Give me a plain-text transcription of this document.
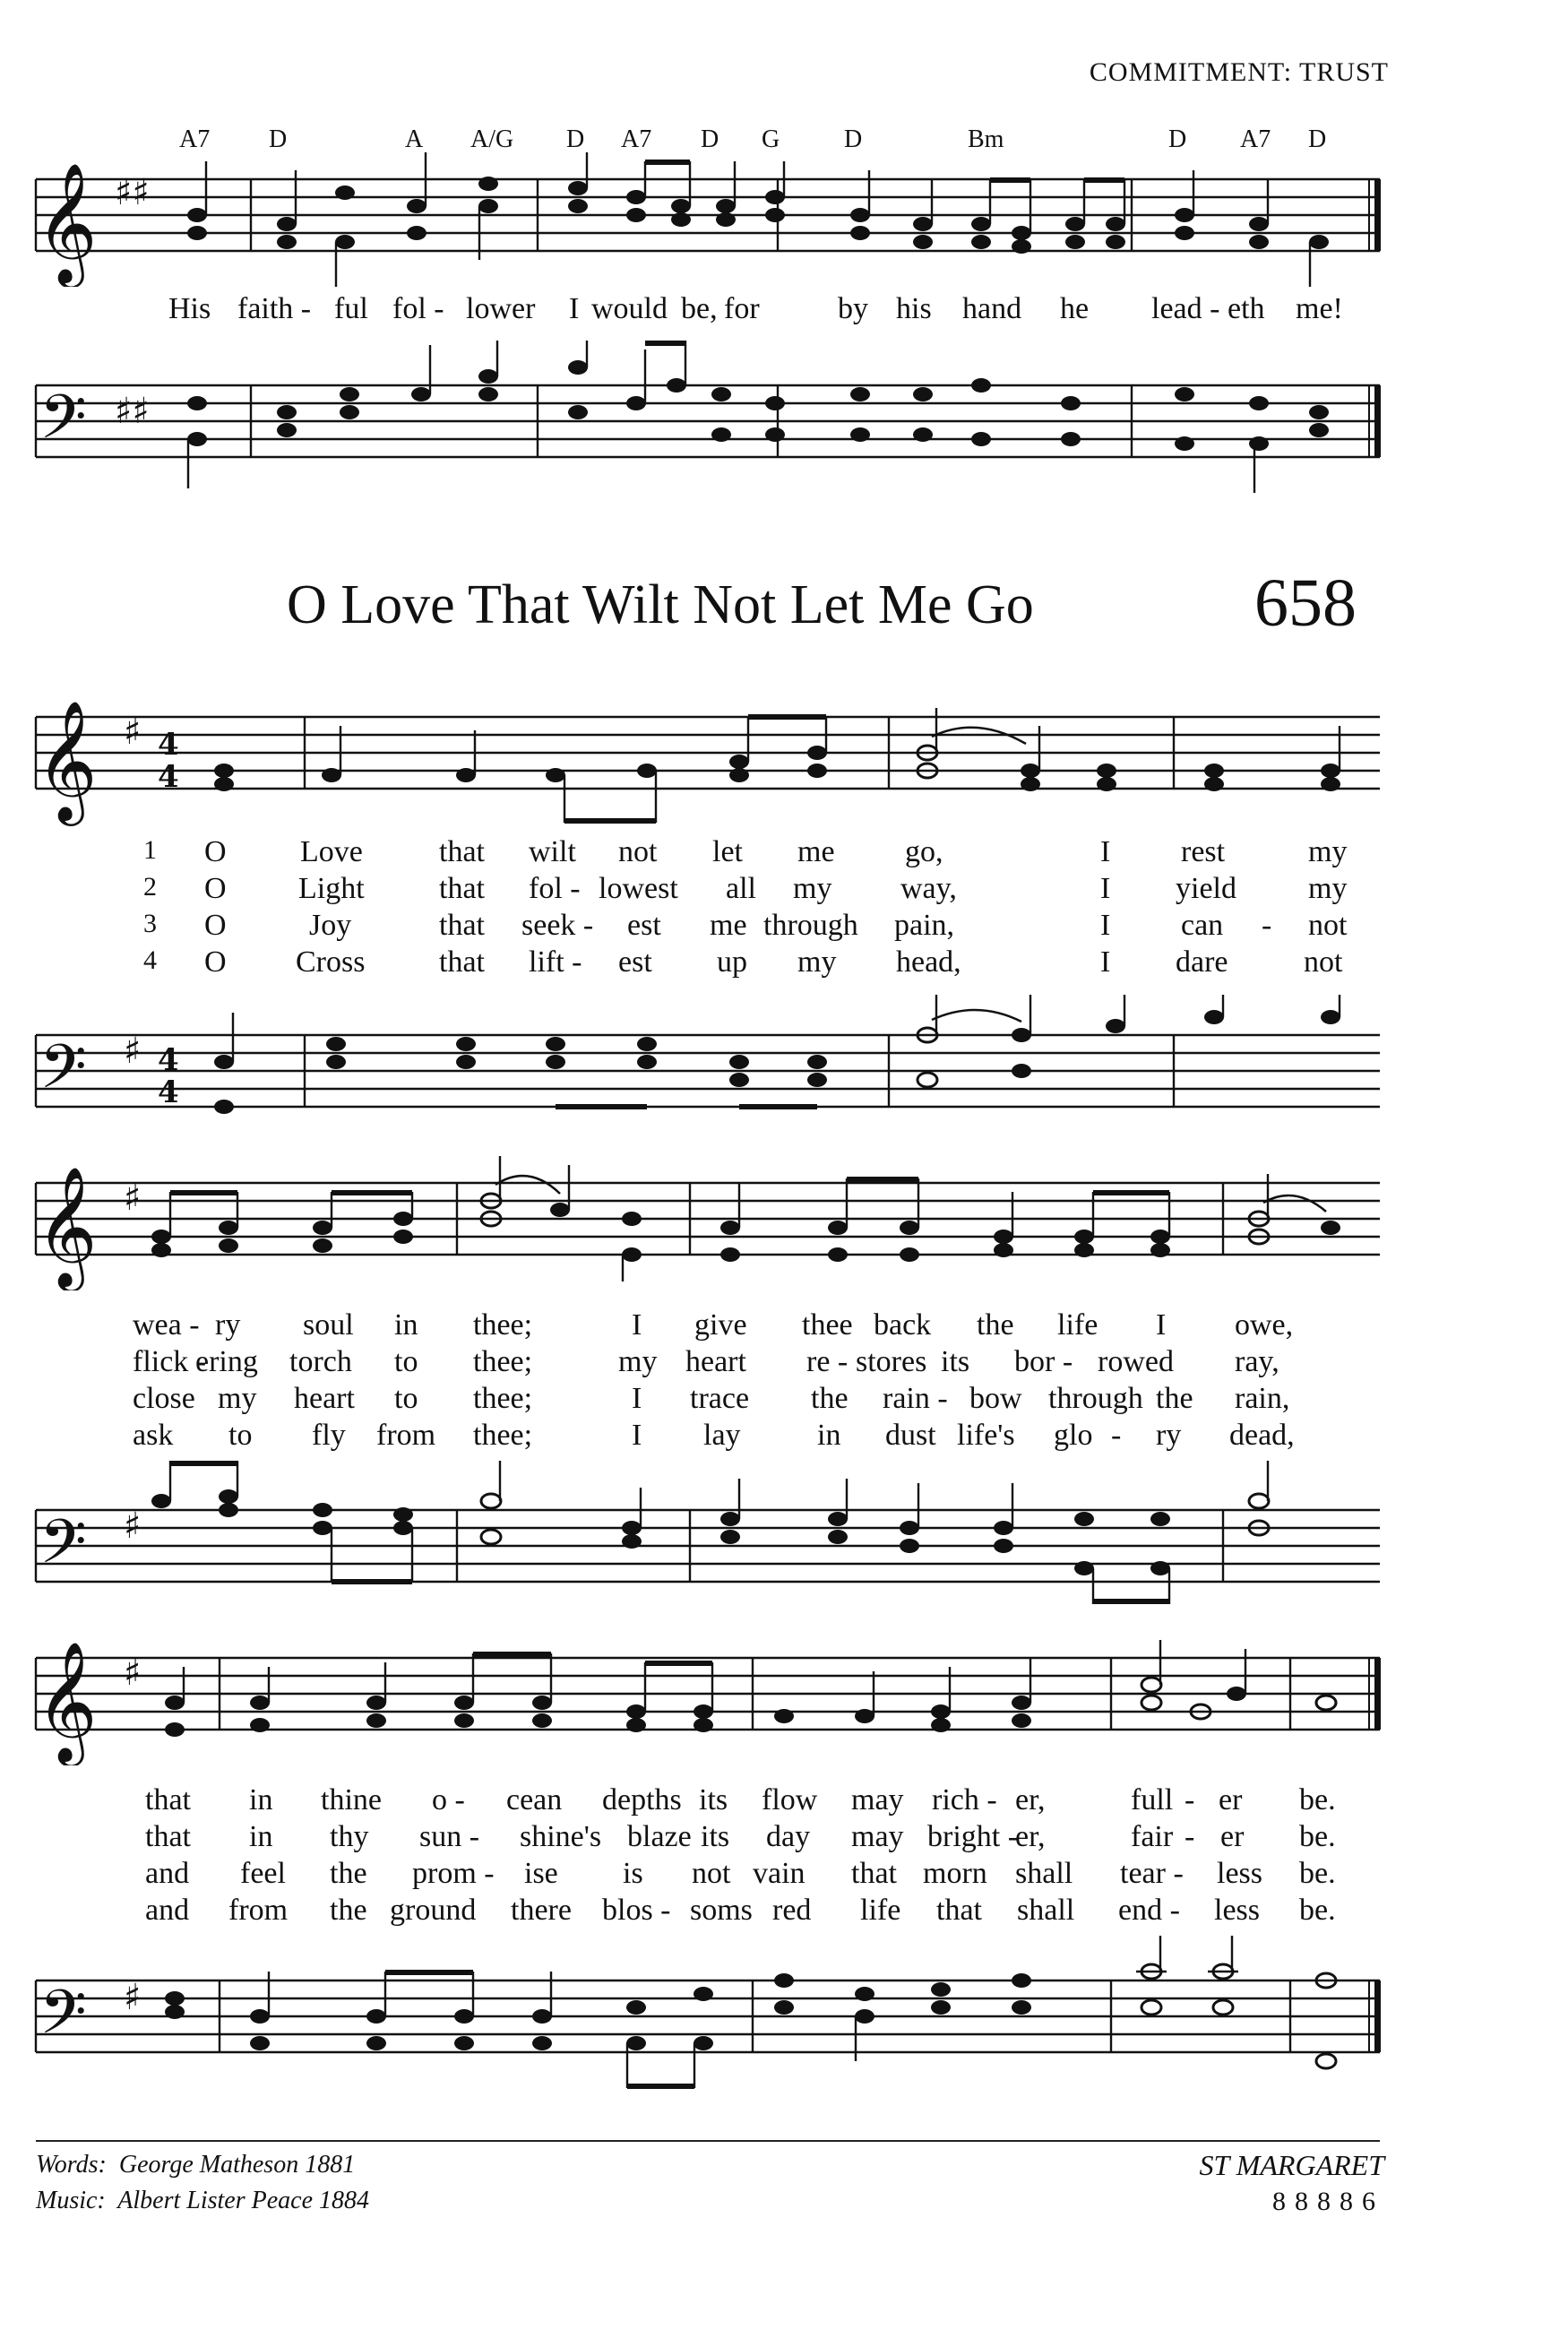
COMMITMENT: TRUST
A7 D	A A/G D A7 D G	D	Bm	D A7 D
𝄞 ♯♯
His faith - ful fol - lower I would be, for	by his hand he lead - eth me!
𝄢 ♯♯
O Love That Wilt Not Let Me Go	658
𝄞 ♯ 4
4
1 O Love	that wilt not let me go,	I rest	my
2 O Light that fol - lowest all my way,	I yield my
3 O	Joy	that seek - est me through pain,	I can - not
4 O Cross that lift - est up my head,	I dare not
𝄢 ♯ 4
4
𝄞 ♯
wea - ry soul in thee;	I give thee back the life I owe,
flick -
ering torch to thee;	my heart re - stores its bor - rowed ray,
close my heart to thee;	I trace the rain - bow through the rain,
ask to fly from thee;	I lay	in dust life's glo - ry dead,
𝄢 ♯
𝄞 ♯
that in thine o - cean depths its flow may rich - er,	full - er be.
that in thy sun - shine's blaze its day may bright -
er,	fair - er be.
and feel the prom - ise is not vain that morn shall tear - less be.
and from the ground there blos - soms red life that shall end - less be.
𝄢 ♯
Words: George Matheson 1881
Music: Albert Lister Peace 1884
ST MARGARET
88886
